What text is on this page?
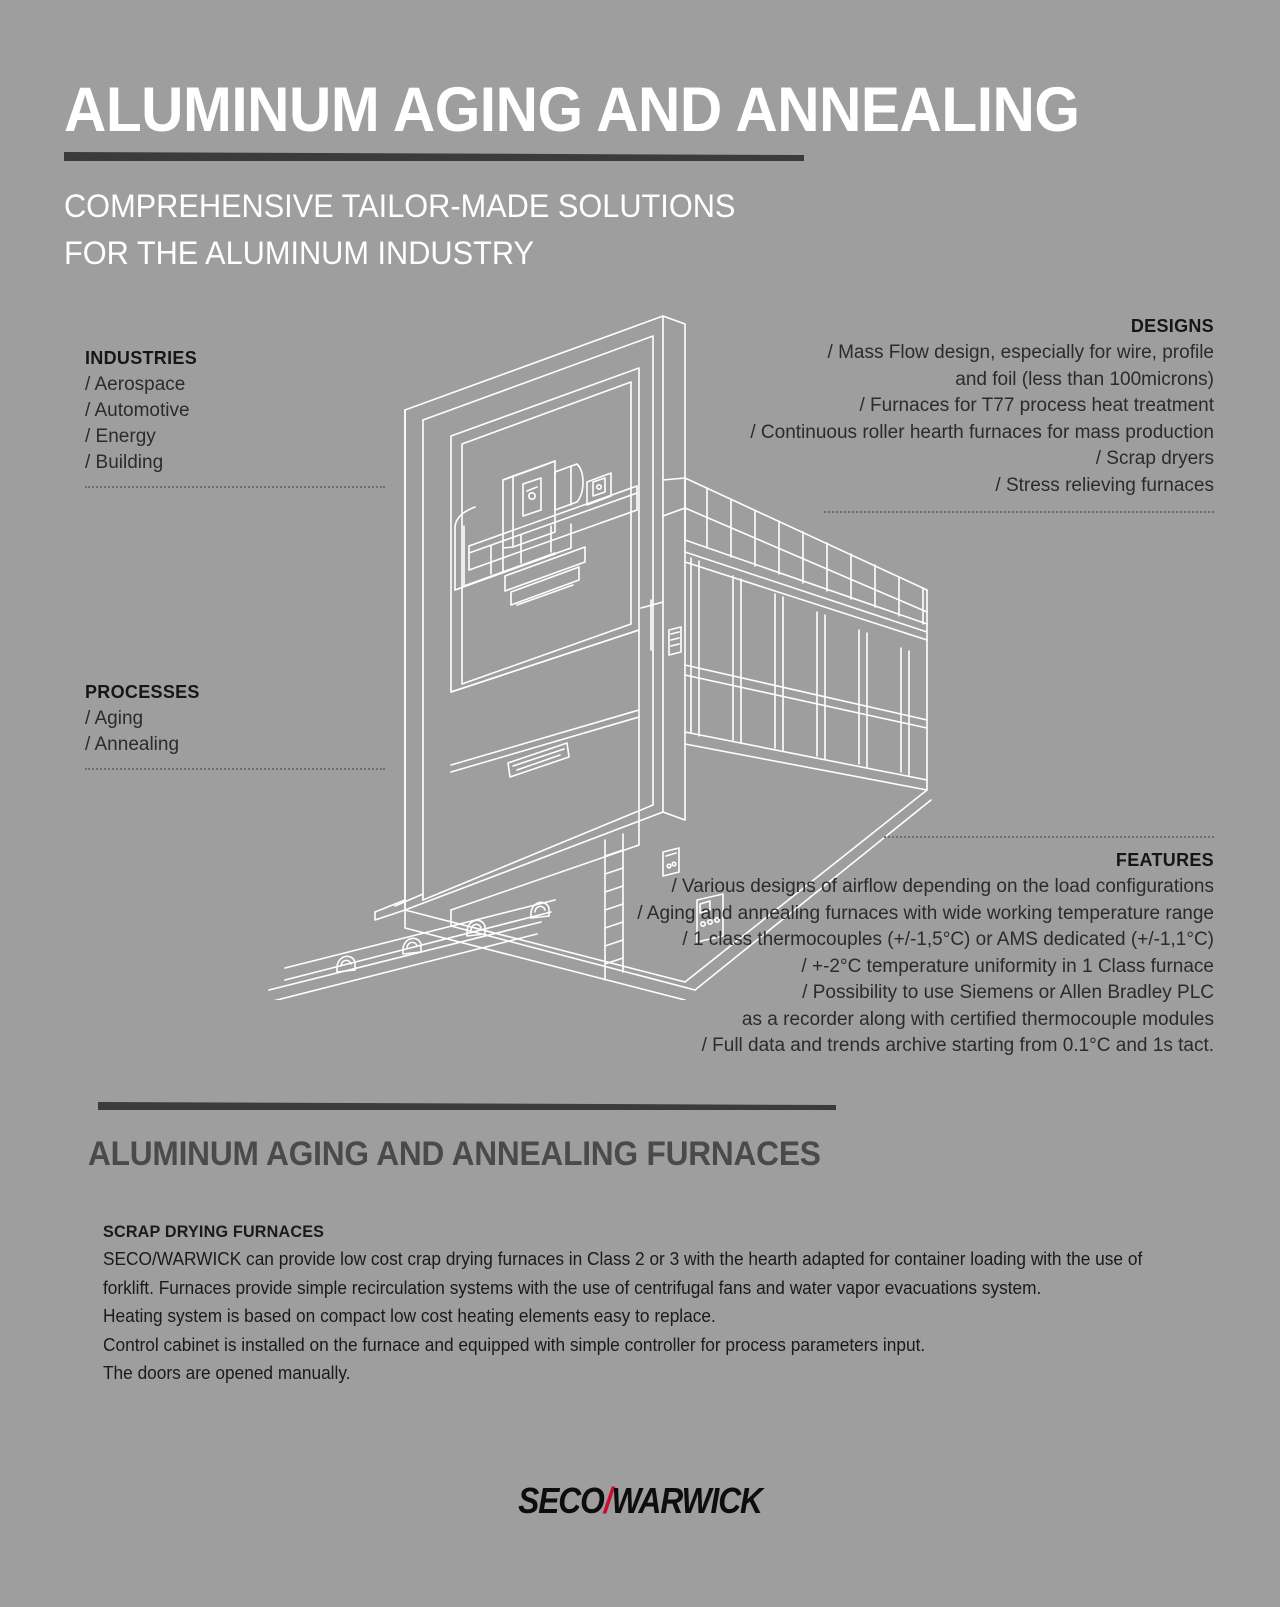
ALUMINUM AGING AND ANNEALING
COMPREHENSIVE TAILOR-MADE SOLUTIONS
FOR THE ALUMINUM INDUSTRY
INDUSTRIES
/ Aerospace
/ Automotive
/ Energy
/ Building
PROCESSES
/ Aging
/ Annealing
DESIGNS
/ Mass Flow design, especially for wire, profile
and foil (less than 100microns)
/ Furnaces for T77 process heat treatment
/ Continuous roller hearth furnaces for mass production
/ Scrap dryers
/ Stress relieving furnaces
FEATURES
/ Various designs of airflow depending on the load configurations
/ Aging and annealing furnaces with wide working temperature range
/ 1 class thermocouples (+/-1,5°C) or AMS dedicated (+/-1,1°C)
/ +-2°C temperature uniformity in 1 Class furnace
/ Possibility to use Siemens or Allen Bradley PLC
as a recorder along with certified thermocouple modules
/ Full data and trends archive starting from 0.1°C and 1s tact.
ALUMINUM AGING AND ANNEALING FURNACES
SCRAP DRYING FURNACES

SECO/WARWICK can provide low cost crap drying furnaces in Class 2 or 3 with the hearth adapted for container loading with the use of forklift. Furnaces provide simple recirculation systems with the use of centrifugal fans and water vapor evacuations system.

Heating system is based on compact low cost heating elements easy to replace.

Control cabinet is installed on the furnace and equipped with simple controller for process parameters input.

The doors are opened manually.

SECO/WARWICK
